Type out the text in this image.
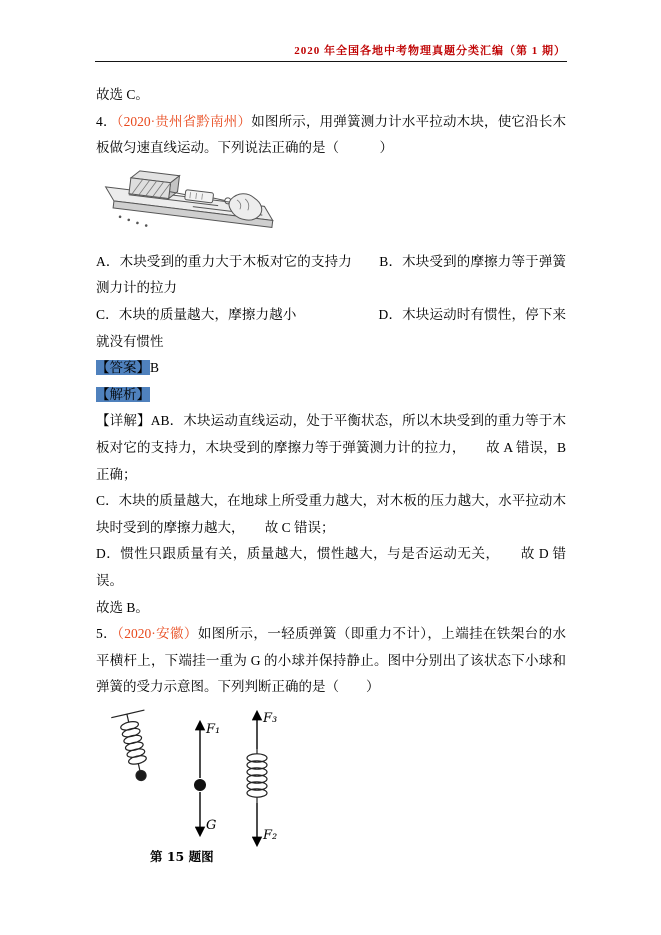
2020 年全国各地中考物理真题分类汇编（第 1 期）

故选 C。

4．（2020·贵州省黔南州）如图所示，用弹簧测力计水平拉动木块，使它沿长木板做匀速直线运动。下列说法正确的是（　　　）

A．木块受到的重力大于木板对它的支持力　　B．木块受到的摩擦力等于弹簧测力计的拉力

C．木块的质量越大，摩擦力越小　　　　　　D．木块运动时有惯性，停下来就没有惯性

【答案】B

【解析】

【详解】AB．木块运动直线运动，处于平衡状态，所以木块受到的重力等于木板对它的支持力，木块受到的摩擦力等于弹簧测力计的拉力，　　故 A 错误，B 正确；

C．木块的质量越大，在地球上所受重力越大，对木板的压力越大，水平拉动木块时受到的摩擦力越大，　　故 C 错误；

D．惯性只跟质量有关，质量越大，惯性越大，与是否运动无关，　　故 D 错误。

故选 B。

5．（2020·安徽）如图所示，一轻质弹簧（即重力不计），上端挂在铁架台的水平横杆上，下端挂一重为 G 的小球并保持静止。图中分别出了该状态下小球和弹簧的受力示意图。下列判断正确的是（　　）

F₁
G
F₃
F₂
第 15 题图
